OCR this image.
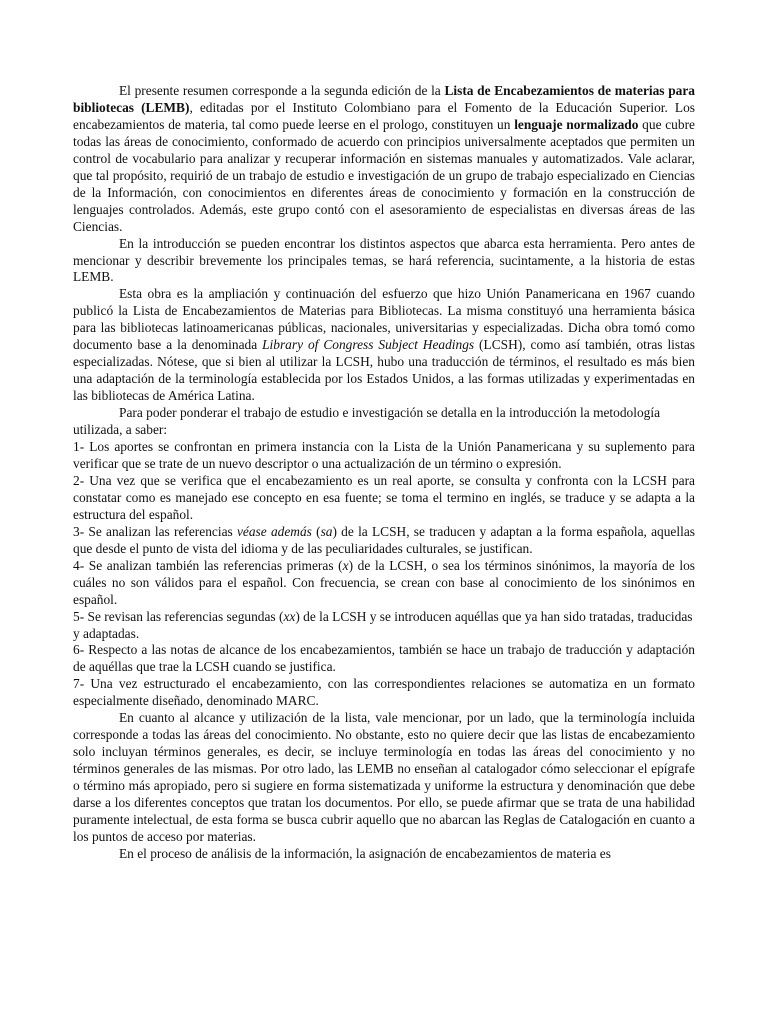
El presente resumen corresponde a la segunda edición de la Lista de Encabezamientos de materias para bibliotecas (LEMB), editadas por el Instituto Colombiano para el Fomento de la Educación Superior. Los encabezamientos de materia, tal como puede leerse en el prologo, constituyen un lenguaje normalizado que cubre todas las áreas de conocimiento, conformado de acuerdo con principios universalmente aceptados que permiten un control de vocabulario para analizar y recuperar información en sistemas manuales y automatizados. Vale aclarar, que tal propósito, requirió de un trabajo de estudio e investigación de un grupo de trabajo especializado en Ciencias de la Información, con conocimientos en diferentes áreas de conocimiento y formación en la construcción de lenguajes controlados. Además, este grupo contó con el asesoramiento de especialistas en diversas áreas de las Ciencias.

En la introducción se pueden encontrar los distintos aspectos que abarca esta herramienta. Pero antes de mencionar y describir brevemente los principales temas, se hará referencia, sucintamente, a la historia de estas LEMB.

Esta obra es la ampliación y continuación del esfuerzo que hizo Unión Panamericana en 1967 cuando publicó la Lista de Encabezamientos de Materias para Bibliotecas. La misma constituyó una herramienta básica para las bibliotecas latinoamericanas públicas, nacionales, universitarias y especializadas. Dicha obra tomó como documento base a la denominada Library of Congress Subject Headings (LCSH), como así también, otras listas especializadas. Nótese, que si bien al utilizar la LCSH, hubo una traducción de términos, el resultado es más bien una adaptación de la terminología establecida por los Estados Unidos, a las formas utilizadas y experimentadas en las bibliotecas de América Latina.

Para poder ponderar el trabajo de estudio e investigación se detalla en la introducción la metodología utilizada, a saber:

1- Los aportes se confrontan en primera instancia con la Lista de la Unión Panamericana y su suplemento para verificar que se trate de un nuevo descriptor o una actualización de un término o expresión.

2- Una vez que se verifica que el encabezamiento es un real aporte, se consulta y confronta con la LCSH para constatar como es manejado ese concepto en esa fuente; se toma el termino en inglés, se traduce y se adapta a la estructura del español.

3- Se analizan las referencias véase además (sa) de la LCSH, se traducen y adaptan a la forma española, aquellas que desde el punto de vista del idioma y de las peculiaridades culturales, se justifican.

4- Se analizan también las referencias primeras (x) de la LCSH, o sea los términos sinónimos, la mayoría de los cuáles no son válidos para el español. Con frecuencia, se crean con base al conocimiento de los sinónimos en español.

5- Se revisan las referencias segundas (xx) de la LCSH y se introducen aquéllas que ya han sido tratadas, traducidas y adaptadas.

6- Respecto a las notas de alcance de los encabezamientos, también se hace un trabajo de traducción y adaptación de aquéllas que trae la LCSH cuando se justifica.

7- Una vez estructurado el encabezamiento, con las correspondientes relaciones se automatiza en un formato especialmente diseñado, denominado MARC.

En cuanto al alcance y utilización de la lista, vale mencionar, por un lado, que la terminología incluida corresponde a todas las áreas del conocimiento. No obstante, esto no quiere decir que las listas de encabezamiento solo incluyan términos generales, es decir, se incluye terminología en todas las áreas del conocimiento y no términos generales de las mismas. Por otro lado, las LEMB no enseñan al catalogador cómo seleccionar el epígrafe o término más apropiado, pero si sugiere en forma sistematizada y uniforme la estructura y denominación que debe darse a los diferentes conceptos que tratan los documentos. Por ello, se puede afirmar que se trata de una habilidad puramente intelectual, de esta forma se busca cubrir aquello que no abarcan las Reglas de Catalogación en cuanto a los puntos de acceso por materias.

En el proceso de análisis de la información, la asignación de encabezamientos de materia es
